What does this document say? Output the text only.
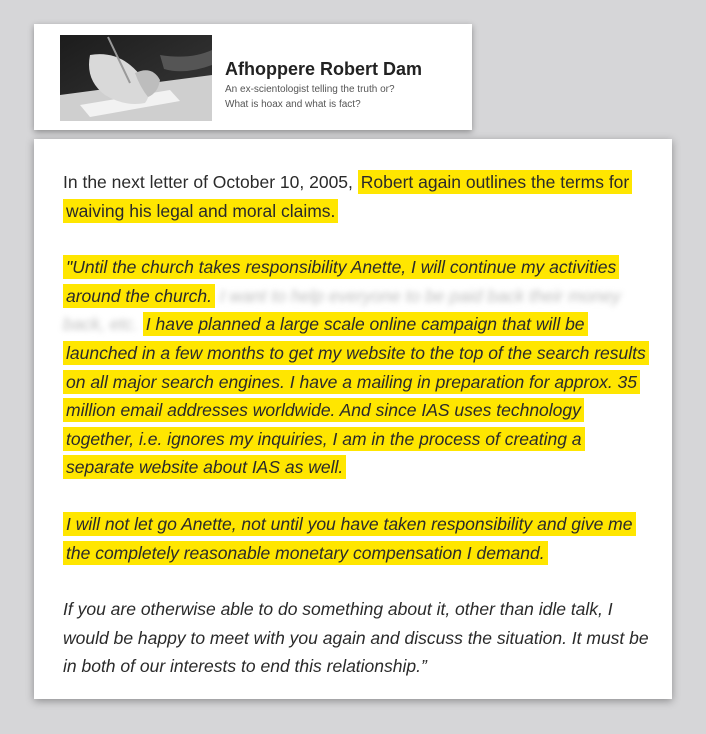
Afhoppere Robert Dam
An ex-scientologist telling the truth or?
What is hoax and what is fact?

In the next letter of October 10, 2005, Robert again outlines the terms for waiving his legal and moral claims.

"Until the church takes responsibility Anette, I will continue my activities around the church. I want to help everyone to be paid back their money back, etc. I have planned a large scale online campaign that will be launched in a few months to get my website to the top of the search results on all major search engines. I have a mailing in preparation for approx. 35 million email addresses worldwide. And since IAS uses technology together, i.e. ignores my inquiries, I am in the process of creating a separate website about IAS as well.

I will not let go Anette, not until you have taken responsibility and give me the completely reasonable monetary compensation I demand.

If you are otherwise able to do something about it, other than idle talk, I would be happy to meet with you again and discuss the situation. It must be in both of our interests to end this relationship.”
